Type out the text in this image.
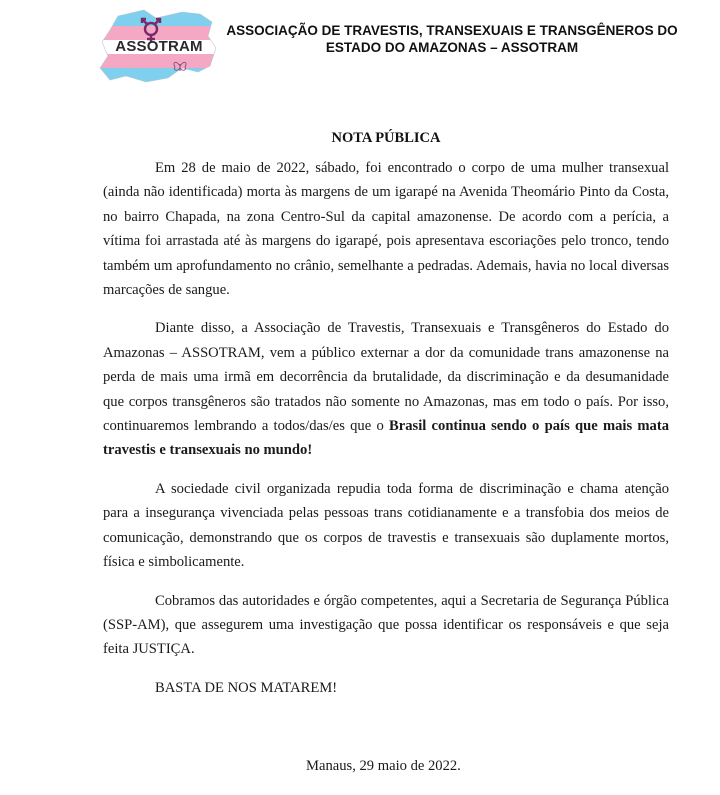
ASSOTRAM
ASSOCIAÇÃO DE TRAVESTIS, TRANSEXUAIS E TRANSGÊNEROS DO
ESTADO DO AMAZONAS – ASSOTRAM
NOTA PÚBLICA

Em 28 de maio de 2022, sábado, foi encontrado o corpo de uma mulher transexual (ainda não identificada) morta às margens de um igarapé na Avenida Theomário Pinto da Costa, no bairro Chapada, na zona Centro-Sul da capital amazonense. De acordo com a perícia, a vítima foi arrastada até às margens do igarapé, pois apresentava escoriações pelo tronco, tendo também um aprofundamento no crânio, semelhante a pedradas. Ademais, havia no local diversas marcações de sangue.

Diante disso, a Associação de Travestis, Transexuais e Transgêneros do Estado do Amazonas – ASSOTRAM, vem a público externar a dor da comunidade trans amazonense na perda de mais uma irmã em decorrência da brutalidade, da discriminação e da desumanidade que corpos transgêneros são tratados não somente no Amazonas, mas em todo o país. Por isso, continuaremos lembrando a todos/das/es que o Brasil continua sendo o país que mais mata travestis e transexuais no mundo!

A sociedade civil organizada repudia toda forma de discriminação e chama atenção para a insegurança vivenciada pelas pessoas trans cotidianamente e a transfobia dos meios de comunicação, demonstrando que os corpos de travestis e transexuais são duplamente mortos, física e simbolicamente.

Cobramos das autoridades e órgão competentes, aqui a Secretaria de Segurança Pública (SSP-AM), que assegurem uma investigação que possa identificar os responsáveis e que seja feita JUSTIÇA.

BASTA DE NOS MATAREM!

Manaus, 29 maio de 2022.
